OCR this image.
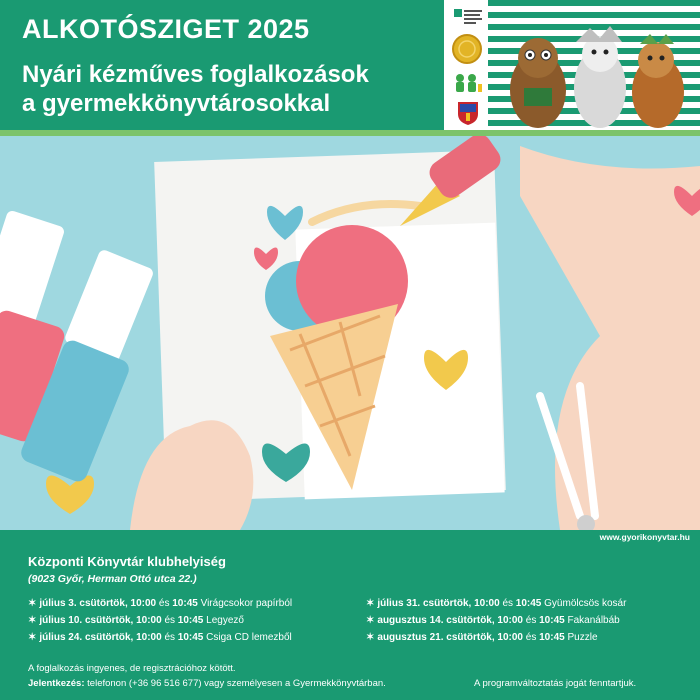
ALKOTÓSZIGET 2025
Nyári kézműves foglalkozások
a gyermekkönyvtárosokkal
www.gyorikonyvtar.hu
Központi Könyvtár klubhelyiség
(9023 Győr, Herman Ottó utca 22.)
✶ július 3. csütörtök, 10:00 és 10:45 Virágcsokor papírból
✶ július 10. csütörtök, 10:00 és 10:45 Legyező
✶ július 24. csütörtök, 10:00 és 10:45 Csiga CD lemezből
✶ július 31. csütörtök, 10:00 és 10:45 Gyümölcsös kosár
✶ augusztus 14. csütörtök, 10:00 és 10:45 Fakanálbáb
✶ augusztus 21. csütörtök, 10:00 és 10:45 Puzzle
A foglalkozás ingyenes, de regisztrációhoz kötött.
Jelentkezés: telefonon (+36 96 516 677) vagy személyesen a Gyermekkönyvtárban.	A programváltoztatás jogát fenntartjuk.
